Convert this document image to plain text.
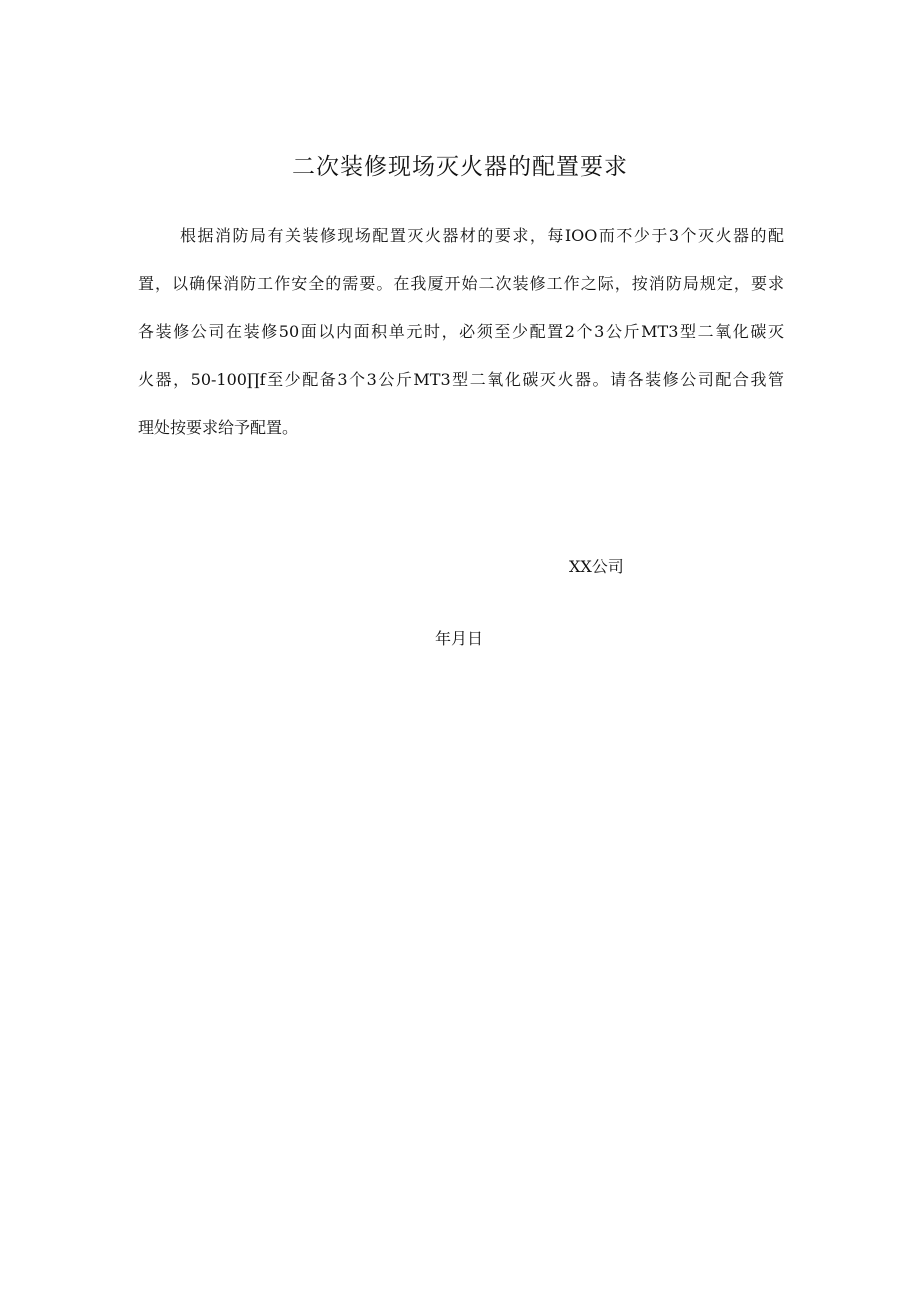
二次装修现场灭火器的配置要求
根据消防局有关装修现场配置灭火器材的要求，每IOO而不少于3个灭火器的配
置，以确保消防工作安全的需要。在我厦开始二次装修工作之际，按消防局规定，要求
各装修公司在装修50面以内面积单元时，必须至少配置2个3公斤MT3型二氧化碳灭
火器，50-100∏f至少配备3个3公斤MT3型二氧化碳灭火器。请各装修公司配合我管
理处按要求给予配置。
XX公司
年月日
